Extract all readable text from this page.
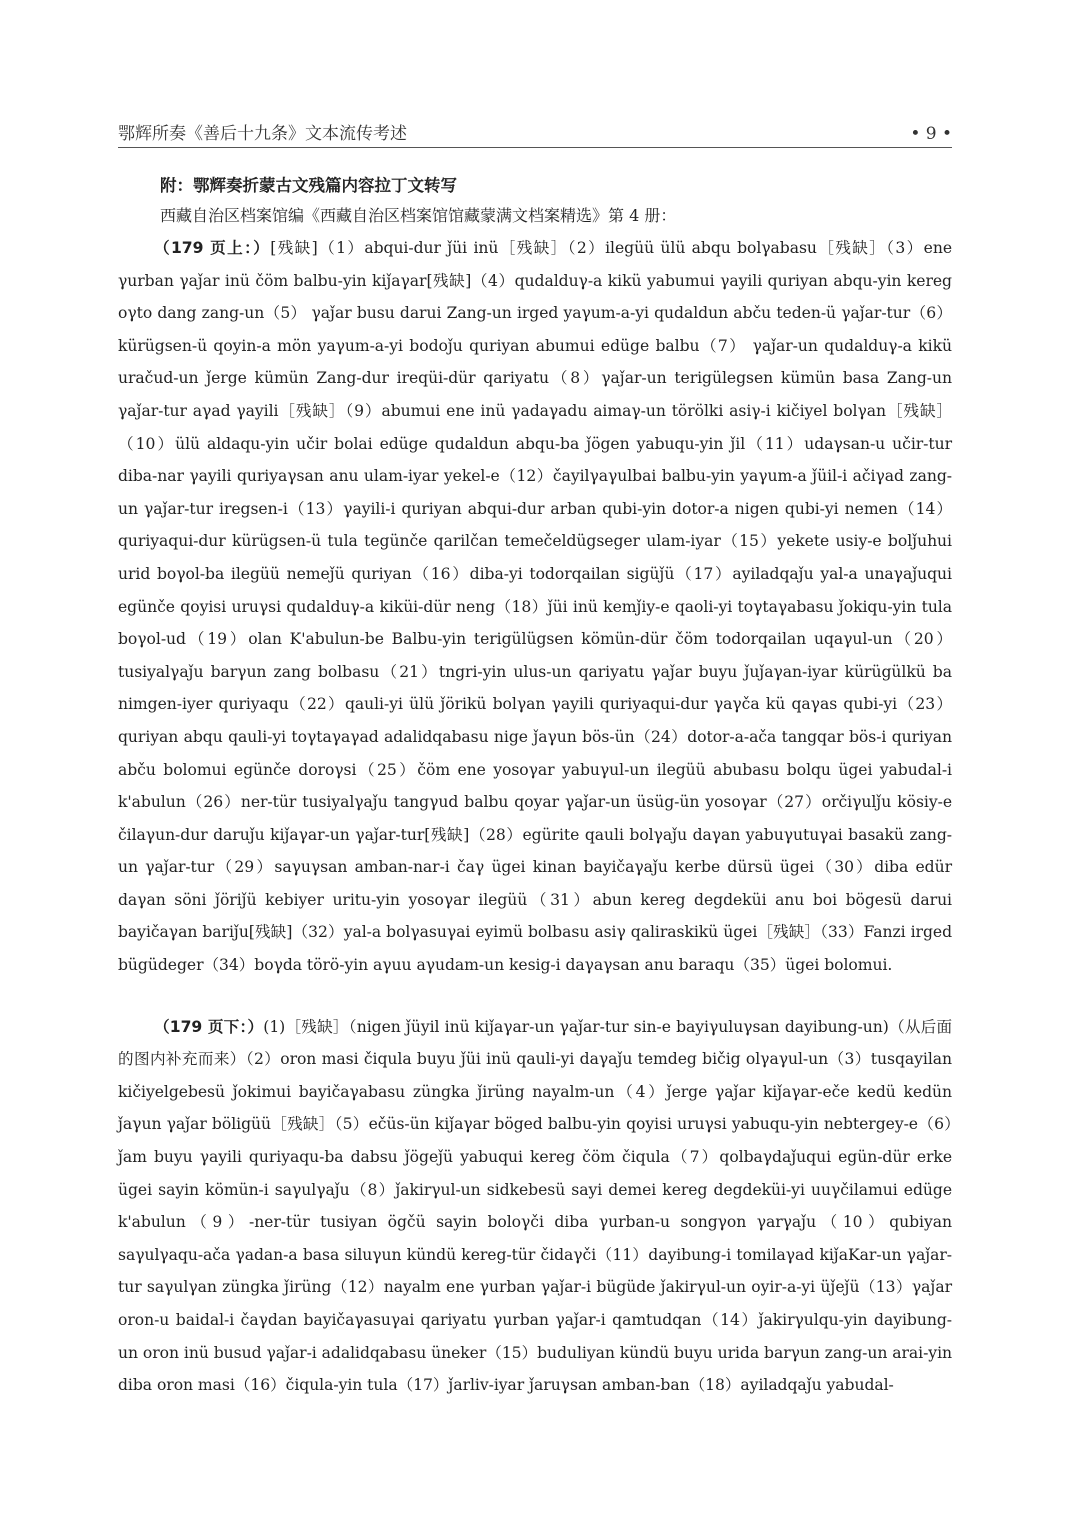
鄂辉所奏《善后十九条》文本流传考述	• 9 •
附：鄂辉奏折蒙古文残篇内容拉丁文转写
西藏自治区档案馆编《西藏自治区档案馆馆藏蒙满文档案精选》第 4 册：

（179 页上：）[残缺]（1）abqui-dur ǰüi inü［残缺］（2）ilegüü ülü abqu bolγabasu［残缺］（3）ene γurban γaǰar inü čöm balbu-yin kiǰaγar[残缺]（4）qudalduγ-a kikü yabumui γayili quriyan abqu-yin kereg oγto dang zang-un（5） γaǰar busu darui Zang-un irged yaγum-a-yi qudaldun abču teden-ü γaǰar-tur（6）kürügsen-ü qoyin-a mön yaγum-a-yi bodoǰu quriyan abumui edüge balbu（7） γaǰar-un qudalduγ-a kikü uračud-un ǰerge kümün Zang-dur ireqüi-dür qariyatu（8）γaǰar-un terigülegsen kümün basa Zang-un γaǰar-tur aγad γayili［残缺］（9）abumui ene inü γadaγadu aimaγ-un törölki asiγ-i kičiyel bolγan［残缺］（10）ülü aldaqu-yin učir bolai edüge qudaldun abqu-ba ǰögen yabuqu-yin ǰil（11）udaγsan-u učir-tur diba-nar γayili quriyaγsan anu ulam-iyar yekel-e（12）čayilγaγulbai balbu-yin yaγum-a ǰüil-i ačiγad zang-un γaǰar-tur iregsen-i（13）γayili-i quriyan abqui-dur arban qubi-yin dotor-a nigen qubi-yi nemen（14）quriyaqui-dur kürügsen-ü tula tegünče qarilčan temečeldügseger ulam-iyar（15）yekete usiy-e bolǰuhui urid boγol-ba ilegüü nemeǰü quriyan（16）diba-yi todorqailan sigüǰü（17）ayiladqaǰu yal-a unaγaǰuqui egünče qoyisi uruγsi qudalduγ-a kiküi-dür neng（18）ǰüi inü kemǰiy-e qaoli-yi toγtaγabasu ǰokiqu-yin tula boγol-ud（19）olan K'abulun-be Balbu-yin terigülügsen kömün-dür čöm todorqailan uqaγul-un（20）tusiyalγaǰu barγun zang bolbasu（21）tngri-yin ulus-un qariyatu γaǰar buyu ǰuǰaγan-iyar kürügülkü ba nimgen-iyer quriyaqu（22）qauli-yi ülü ǰörikü bolγan γayili quriyaqui-dur γaγča kü qaγas qubi-yi（23）quriyan abqu qauli-yi toγtaγaγad adalidqabasu nige ǰaγun bös-ün（24）dotor-a-ača tangqar bös-i quriyan abču bolomui egünče doroγsi（25）čöm ene yosoγar yabuγul-un ilegüü abubasu bolqu ügei yabudal-i k'abulun（26）ner-tür tusiyalγaǰu tangγud balbu qoyar γaǰar-un üsüg-ün yosoγar（27）orčiγulǰu kösiy-e čilaγun-dur daruǰu kiǰaγar-un γaǰar-tur[残缺]（28）egürite qauli bolγaǰu daγan yabuγutuγai basakü zang-un γaǰar-tur（29）saγuγsan amban-nar-i čaγ ügei kinan bayičaγaǰu kerbe dürsü ügei（30）diba edür daγan söni ǰöriǰü kebiyer uritu-yin yosoγar ilegüü（31）abun kereg degdeküi anu boi bögesü darui bayičaγan bariǰu[残缺]（32）yal-a bolγasuγai eyimü bolbasu asiγ qaliraskikü ügei［残缺］（33）Fanzi irged bügüdeger（34）boγda törö-yin aγuu aγudam-un kesig-i daγaγsan anu baraqu（35）ügei bolomui.

（179 页下：）(1)［残缺］（nigen ǰüyil inü kiǰaγar-un γaǰar-tur sin-e bayiγuluγsan dayibung-un)（从后面的图内补充而来）（2）oron masi čiqula buyu ǰüi inü qauli-yi daγaǰu temdeg bičig olγaγul-un（3）tusqayilan kičiyelgebesü ǰokimui bayičaγabasu züngka ǰirüng nayalm-un（4）ǰerge γaǰar kiǰaγar-eče kedü kedün ǰaγun γaǰar böligüü［残缺］（5）ečüs-ün kiǰaγar böged balbu-yin qoyisi uruγsi yabuqu-yin nebtergey-e（6）ǰam buyu γayili quriyaqu-ba dabsu ǰögeǰü yabuqui kereg čöm čiqula（7）qolbaγdaǰuqui egün-dür erke ügei sayin kömün-i saγulγaǰu（8）ǰakirγul-un sidkebesü sayi demei kereg degdeküi-yi uuγčilamui edüge k'abulun（9）-ner-tür tusiyan ögčü sayin boloγči diba γurban-u songγon γarγaǰu（10）qubiyan saγulγaqu-ača γadan-a basa siluγun kündü kereg-tür čidaγči（11）dayibung-i tomilaγad kiǰaKar-un γaǰar-tur saγulγan züngka ǰirüng（12）nayalm ene γurban γaǰar-i bügüde ǰakirγul-un oyir-a-yi üǰeǰü（13）γaǰar oron-u baidal-i čaγdan bayičaγasuγai qariyatu γurban γaǰar-i qamtudqan（14）ǰakirγulqu-yin dayibung-un oron inü busud γaǰar-i adalidqabasu üneker（15）buduliyan kündü buyu urida barγun zang-un arai-yin diba oron masi（16）čiqula-yin tula（17）ǰarliv-iyar ǰaruγsan amban-ban（18）ayiladqaǰu yabudal-
